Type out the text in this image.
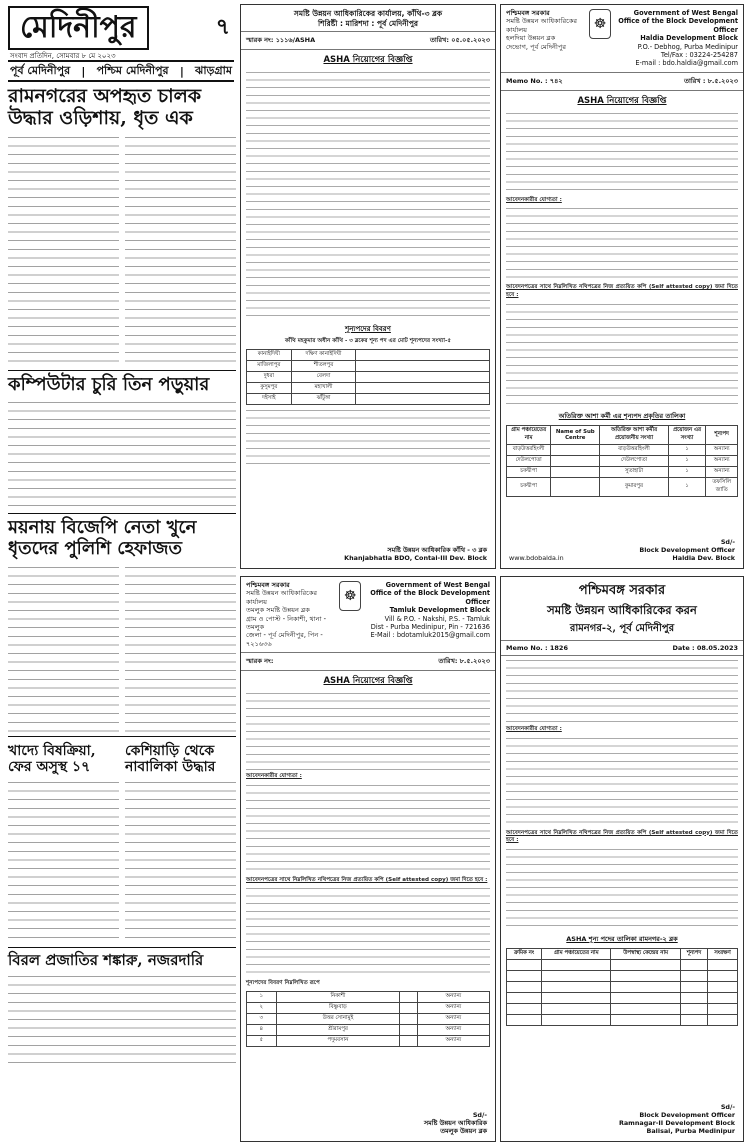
মেদিনীপুর	৭
সংবাদ প্রতিদিন, সোমবার ৮ মে ২০২৩
পূর্ব মেদিনীপুর | পশ্চিম মেদিনীপুর | ঝাড়গ্রাম
রামনগরের অপহৃত চালক উদ্ধার ওড়িশায়, ধৃত এক
কম্পিউটার চুরি তিন পড়ুয়ার
ময়নায় বিজেপি নেতা খুনে ধৃতদের পুলিশি হেফাজত
খাদ্যে বিষক্রিয়া, ফের অসুস্থ ১৭
কেশিয়াড়ি থেকে নাবালিকা উদ্ধার
বিরল প্রজাতির শঙ্কারু, নজরদারি
সমষ্টি উন্নয়ন আধিকারিকের কার্যালয়, কাঁথি-৩ ব্লক
শিরিষ্টী : মারিশদা : পূর্ব মেদিনীপুর
স্মারক নং: ১১১৬/ASHA	তারিখ: ০৫.০৫.২০২৩
ASHA নিয়োগের বিজ্ঞপ্তি
শূন্যপদের বিবরণ
কাঁথি মহকুমার অধীন কাঁথি - ৩ ব্লকের শূন্য পদ এর মোট শূন্যপদের সংখ্যা-৫
কানাইদিঘী	দক্ষিণ কানাইদিঘী	
মাজিলাপুর	শীতলপুর	
দুধরা	বেলদা	
কুসুমপুর	মহাখালী	
দইসাই	ঝাঁটুঙ্গা	
সমষ্টি উন্নয়ন আধিকারিক কাঁথি - ৩ ব্লক
Khanjabhatla BDO, Contai-III Dev. Block
পশ্চিমবঙ্গ সরকার
সমষ্টি উন্নয়ন আধিকারিকের কার্যালয়
হলদিয়া উন্নয়ন ব্লক
দেভোগ, পূর্ব মেদিনীপুর
☸
Government of West Bengal
Office of the Block Development Officer
Haldia Development Block
P.O.- Debhog, Purba Medinipur
Tel/Fax : 03224-254287
E-mail : bdo.haldia@gmail.com
Memo No. : ৭৪২	তারিখ : ৮.৫.২০২৩
ASHA নিয়োগের বিজ্ঞপ্তি
আবেদনকারীর যোগ্যতা :
আবেদনপত্রের সাথে নিম্নলিখিত নথিপত্রের নিজ প্রত্যয়িত কপি (Self attested copy) জমা দিতে হবে :
অতিরিক্ত আশা কর্মী এর শূন্যপদ প্রকৃতির তালিকা
গ্রাম পঞ্চায়েতের নাম	Name of Sub Centre	অতিরিক্ত আশা কর্মীর প্রয়োজনীয় সংখ্যা	প্রয়োজন এর সংখ্যা	শূন্যপদ
বাড়উত্তরহিংলী		বাড়উত্তরহিংলী	১	অন্যান্য
দেউলপোতা		দেউলপোতা	১	অন্যান্য
চকদ্বীপা		সুতাহাটা	১	অন্যান্য
চকদ্বীপা		কুমারপুর	১	তফসিলি জাতি
www.bdobalda.in
Sd/-
Block Development Officer
Haldia Dev. Block
পশ্চিমবঙ্গ সরকার
সমষ্টি উন্নয়ন আধিকারিকের কার্যালয়
তমলুক সমষ্টি উন্নয়ন ব্লক
গ্রাম ও পোস্ট - নিকাশী, থানা - তমলুক
জেলা - পূর্ব মেদিনীপুর, পিন - ৭২১৬৩৬
☸
Government of West Bengal
Office of the Block Development Officer
Tamluk Development Block
Vill & P.O. - Nakshi, P.S. - Tamluk
Dist - Purba Medinipur, Pin - 721636
E-Mail : bdotamluk2015@gmail.com
স্মারক নং:	তারিখ: ৮.৫.২০২৩
ASHA নিয়োগের বিজ্ঞপ্তি
আবেদনকারীর যোগ্যতা :
আবেদনপত্রের সাথে নিম্নলিখিত নথিপত্রের নিজ প্রত্যয়িত কপি (Self attested copy) জমা দিতে হবে :
শূন্যপদের বিবরণ নিম্নলিখিত রূপে
১	নিকাশী		অন্যান্য
২	বিষ্ণুবাড়		অন্যান্য
৩	উত্তর সোনামুই		অন্যান্য
৪	শ্রীরামপুর		অন্যান্য
৫	পদুমবসান		অন্যান্য
Sd/-
সমষ্টি উন্নয়ন আধিকারিক
তমলুক উন্নয়ন ব্লক
পশ্চিমবঙ্গ সরকার
সমষ্টি উন্নয়ন আধিকারিকের করন
রামনগর-২, পূর্ব মেদিনীপুর
Memo No. : 1826	Date : 08.05.2023
আবেদনকারীর যোগ্যতা :
আবেদনপত্রের সাথে নিম্নলিখিত নথিপত্রের নিজ প্রত্যয়িত কপি (Self attested copy) জমা দিতে হবে :
ASHA শূন্য পদের তালিকা রামনগর-২ ব্লক
ক্রমিক নং	গ্রাম পঞ্চায়েতের নাম	উপস্বাস্থ্য কেন্দ্রের নাম	শূন্যপদ	সংরক্ষণ

Sd/-
Block Development Officer
Ramnagar-II Development Block
Balisai, Purba Medinipur
